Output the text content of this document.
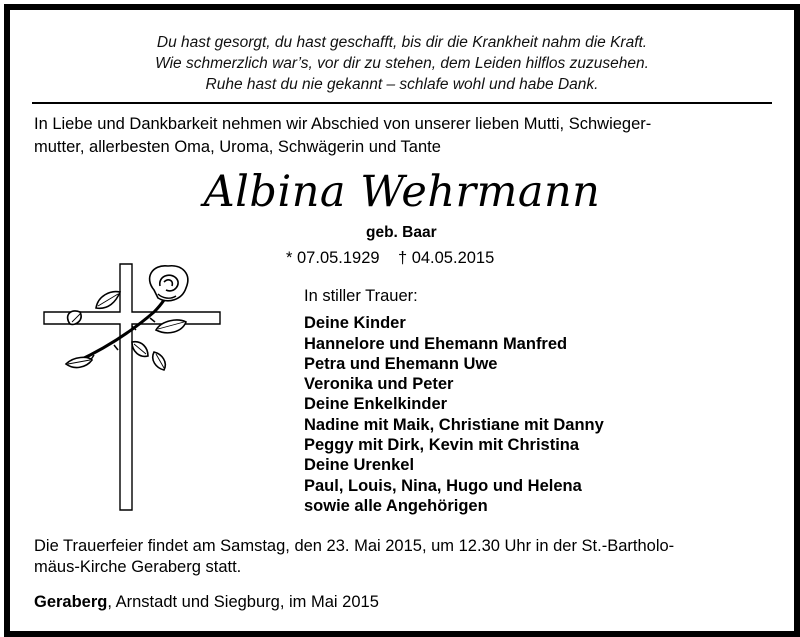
Du hast gesorgt, du hast geschafft, bis dir die Krankheit nahm die Kraft.
Wie schmerzlich war’s, vor dir zu stehen, dem Leiden hilflos zuzusehen.
Ruhe hast du nie gekannt – schlafe wohl und habe Dank.
In Liebe und Dankbarkeit nehmen wir Abschied von unserer lieben Mutti, Schwieger-
mutter, allerbesten Oma, Uroma, Schwägerin und Tante
Albina Wehrmann
geb. Baar
* 07.05.1929 † 04.05.2015
In stiller Trauer:
Deine Kinder
Hannelore und Ehemann Manfred
Petra und Ehemann Uwe
Veronika und Peter
Deine Enkelkinder
Nadine mit Maik, Christiane mit Danny
Peggy mit Dirk, Kevin mit Christina
Deine Urenkel
Paul, Louis, Nina, Hugo und Helena
sowie alle Angehörigen
Die Trauerfeier findet am Samstag, den 23. Mai 2015, um 12.30 Uhr in der St.-Bartholo-
mäus-Kirche Geraberg statt.
Geraberg, Arnstadt und Siegburg, im Mai 2015
